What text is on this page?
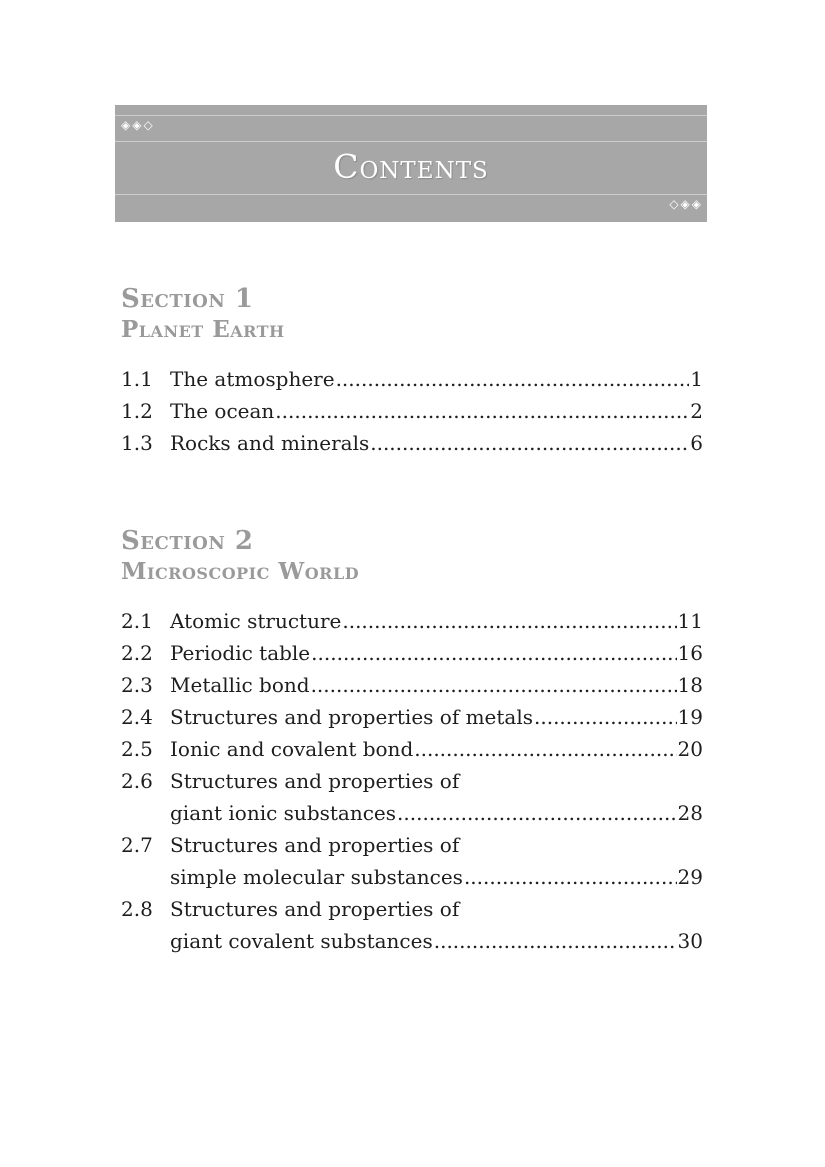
◈◈◇
Contents
◇◈◈
Section 1
Planet Earth
1.1 The atmosphere .....	1
1.2 The ocean .....	2
1.3 Rocks and minerals .....	6
Section 2
Microscopic World
2.1 Atomic structure .....	11
2.2 Periodic table .....	16
2.3 Metallic bond .....	18
2.4 Structures and properties of metals .....	19
2.5 Ionic and covalent bond .....	20
2.6 Structures and properties of
giant ionic substances .....	28
2.7 Structures and properties of
simple molecular substances .....	29
2.8 Structures and properties of
giant covalent substances .....	30
